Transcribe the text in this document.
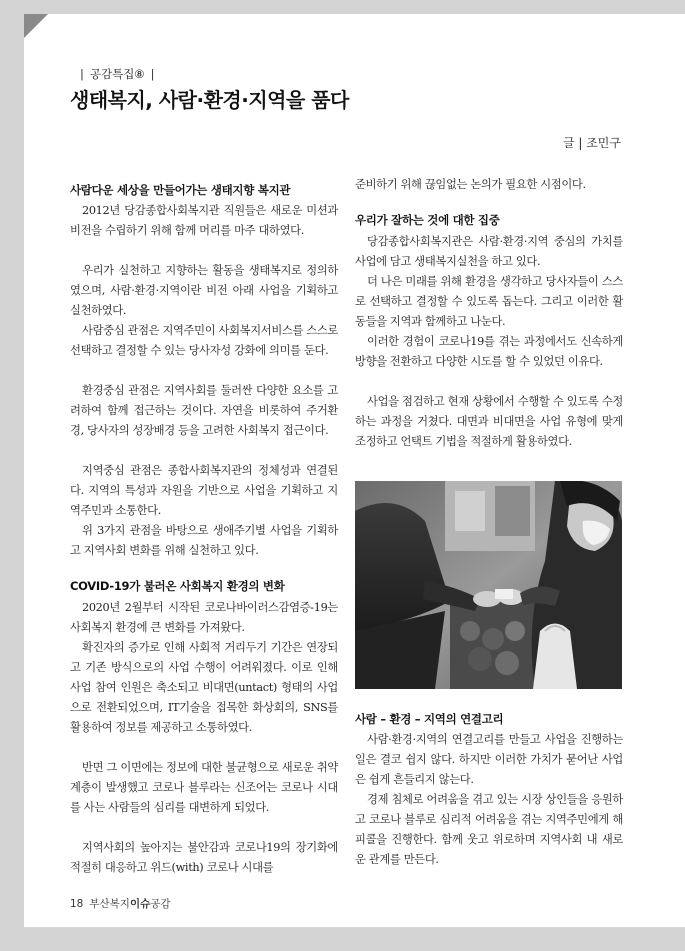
| 공감특집⑧ |
생태복지, 사람·환경·지역을 품다
글 | 조민구
사람다운 세상을 만들어가는 생태지향 복지관

2012년 당감종합사회복지관 직원들은 새로운 미션과 비전을 수립하기 위해 함께 머리를 마주 대하였다.

우리가 실천하고 지향하는 활동을 생태복지로 정의하였으며, 사람·환경·지역이란 비전 아래 사업을 기획하고 실천하였다.

사람중심 관점은 지역주민이 사회복지서비스를 스스로 선택하고 결정할 수 있는 당사자성 강화에 의미를 둔다.

환경중심 관점은 지역사회를 둘러싼 다양한 요소를 고려하여 함께 접근하는 것이다. 자연을 비롯하여 주거환경, 당사자의 성장배경 등을 고려한 사회복지 접근이다.

지역중심 관점은 종합사회복지관의 정체성과 연결된다. 지역의 특성과 자원을 기반으로 사업을 기획하고 지역주민과 소통한다.

위 3가지 관점을 바탕으로 생애주기별 사업을 기획하고 지역사회 변화를 위해 실천하고 있다.

COVID-19가 불러온 사회복지 환경의 변화

2020년 2월부터 시작된 코로나바이러스감염증-19는 사회복지 환경에 큰 변화를 가져왔다.

확진자의 증가로 인해 사회적 거리두기 기간은 연장되고 기존 방식으로의 사업 수행이 어려워졌다. 이로 인해 사업 참여 인원은 축소되고 비대면(untact) 형태의 사업으로 전환되었으며, IT기술을 접목한 화상회의, SNS를 활용하여 정보를 제공하고 소통하였다.

반면 그 이면에는 정보에 대한 불균형으로 새로운 취약계층이 발생했고 코로나 블루라는 신조어는 코로나 시대를 사는 사람들의 심리를 대변하게 되었다.

지역사회의 높아지는 불안감과 코로나19의 장기화에 적절히 대응하고 위드(with) 코로나 시대를

준비하기 위해 끊임없는 논의가 필요한 시점이다.

우리가 잘하는 것에 대한 집중

당감종합사회복지관은 사람·환경·지역 중심의 가치를 사업에 담고 생태복지실천을 하고 있다.

더 나은 미래를 위해 환경을 생각하고 당사자들이 스스로 선택하고 결정할 수 있도록 돕는다. 그리고 이러한 활동들을 지역과 함께하고 나눈다.

이러한 경험이 코로나19를 겪는 과정에서도 신속하게 방향을 전환하고 다양한 시도를 할 수 있었던 이유다.

사업을 점검하고 현재 상황에서 수행할 수 있도록 수정하는 과정을 거쳤다. 대면과 비대면을 사업 유형에 맞게 조정하고 언택트 기법을 적절하게 활용하였다.

사람 – 환경 – 지역의 연결고리

사람·환경·지역의 연결고리를 만들고 사업을 진행하는 일은 결코 쉽지 않다. 하지만 이러한 가치가 묻어난 사업은 쉽게 흔들리지 않는다.

경제 침체로 어려움을 겪고 있는 시장 상인들을 응원하고 코로나 블루로 심리적 어려움을 겪는 지역주민에게 해피콜을 진행한다. 함께 웃고 위로하며 지역사회 내 새로운 관계를 만든다.

18 부산복지이슈공감
